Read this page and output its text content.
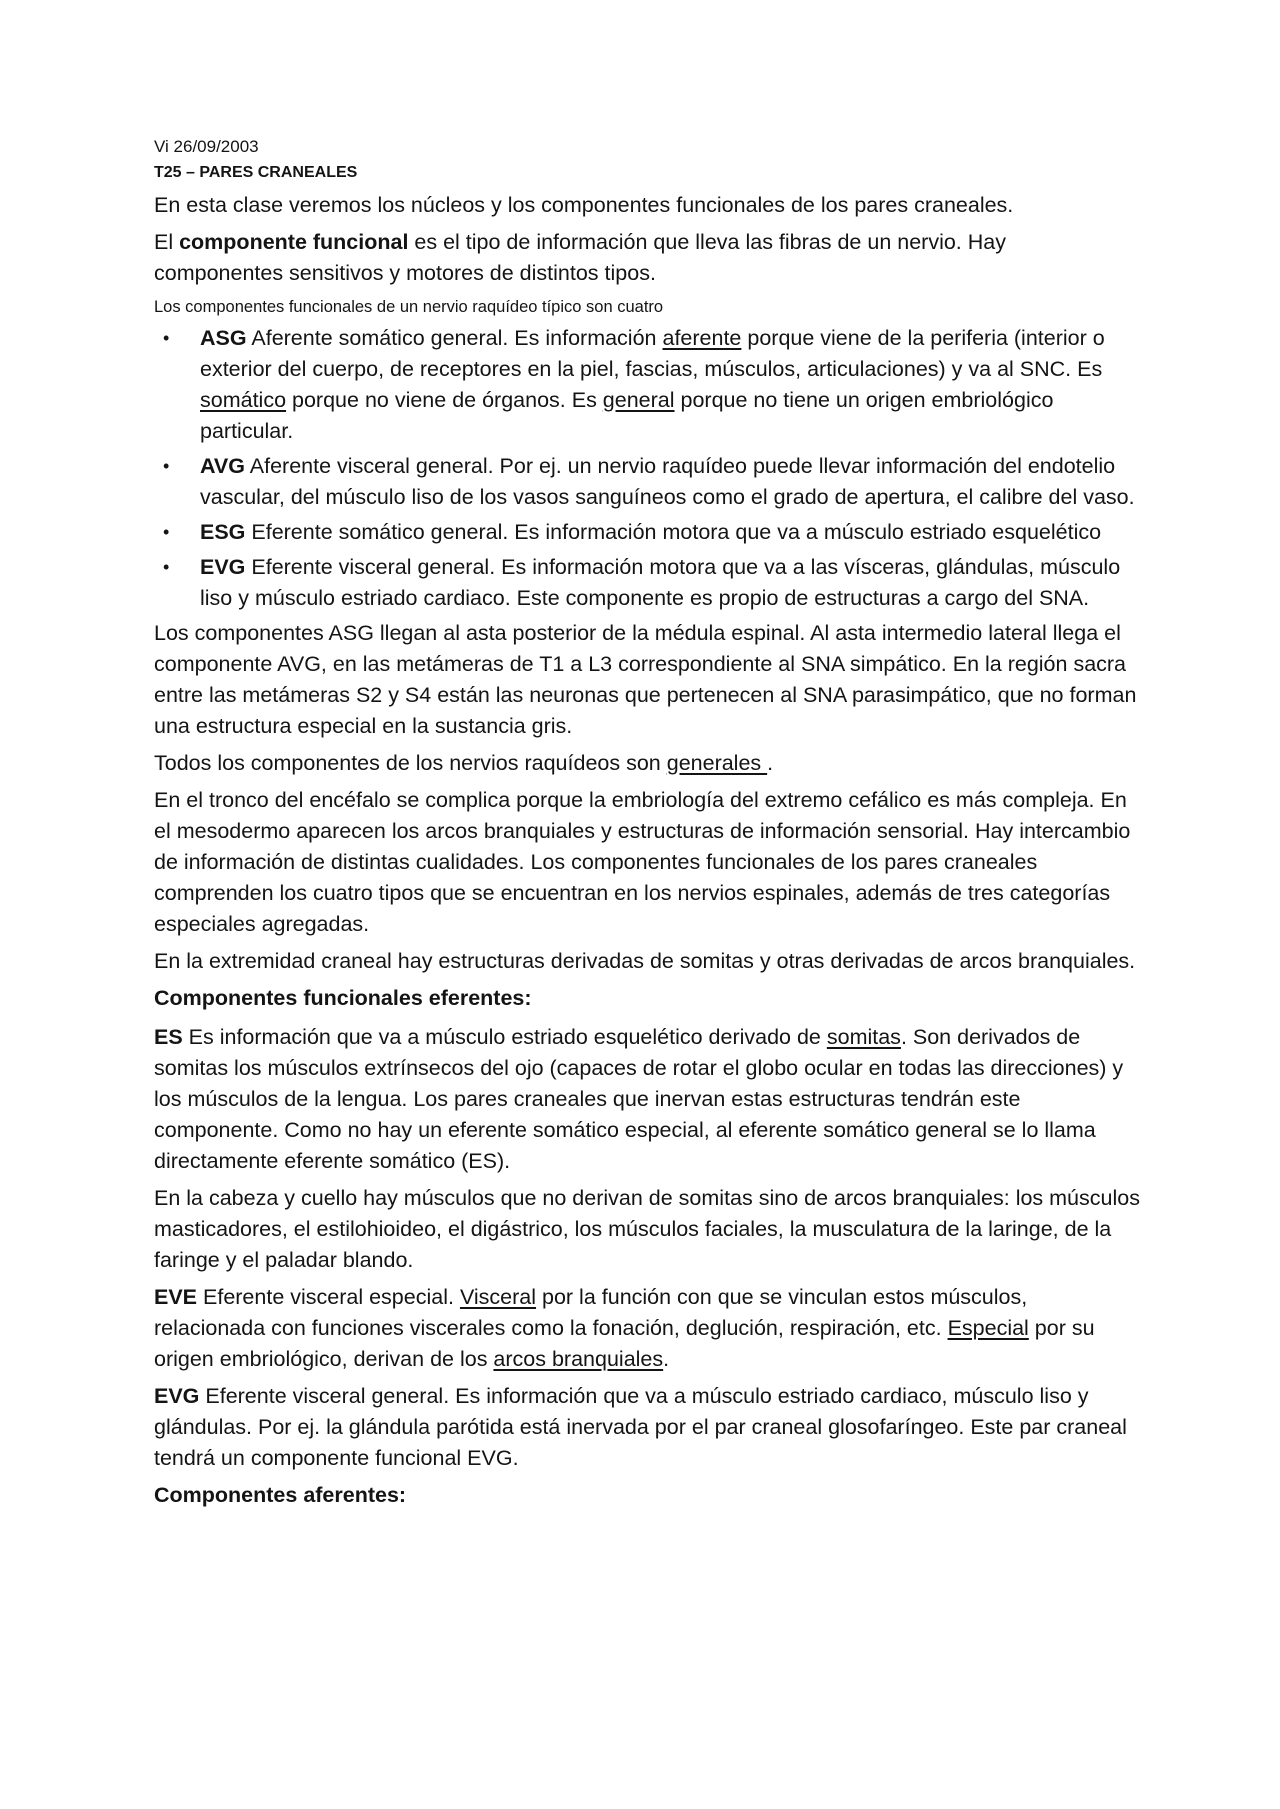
Vi 26/09/2003
T25 – PARES CRANEALES

En esta clase veremos los núcleos y los componentes funcionales de los pares craneales.

El componente funcional es el tipo de información que lleva las fibras de un nervio. Hay componentes sensitivos y motores de distintos tipos.

Los componentes funcionales de un nervio raquídeo típico son cuatro

• ASG Aferente somático general. Es información aferente porque viene de la periferia (interior o exterior del cuerpo, de receptores en la piel, fascias, músculos, articulaciones) y va al SNC. Es somático porque no viene de órganos. Es general porque no tiene un origen embriológico particular.
• AVG Aferente visceral general. Por ej. un nervio raquídeo puede llevar información del endotelio vascular, del músculo liso de los vasos sanguíneos como el grado de apertura, el calibre del vaso.
• ESG Eferente somático general. Es información motora que va a músculo estriado esquelético
• EVG Eferente visceral general. Es información motora que va a las vísceras, glándulas, músculo liso y músculo estriado cardiaco. Este componente es propio de estructuras a cargo del SNA.

Los componentes ASG llegan al asta posterior de la médula espinal. Al asta intermedio lateral llega el componente AVG, en las metámeras de T1 a L3 correspondiente al SNA simpático. En la región sacra entre las metámeras S2 y S4 están las neuronas que pertenecen al SNA parasimpático, que no forman una estructura especial en la sustancia gris.

Todos los componentes de los nervios raquídeos son generales .

En el tronco del encéfalo se complica porque la embriología del extremo cefálico es más compleja. En el mesodermo aparecen los arcos branquiales y estructuras de información sensorial. Hay intercambio de información de distintas cualidades. Los componentes funcionales de los pares craneales comprenden los cuatro tipos que se encuentran en los nervios espinales, además de tres categorías especiales agregadas.

En la extremidad craneal hay estructuras derivadas de somitas y otras derivadas de arcos branquiales.

Componentes funcionales eferentes:

ES Es información que va a músculo estriado esquelético derivado de somitas. Son derivados de somitas los músculos extrínsecos del ojo (capaces de rotar el globo ocular en todas las direcciones) y los músculos de la lengua. Los pares craneales que inervan estas estructuras tendrán este componente. Como no hay un eferente somático especial, al eferente somático general se lo llama directamente eferente somático (ES).

En la cabeza y cuello hay músculos que no derivan de somitas sino de arcos branquiales: los músculos masticadores, el estilohioideo, el digástrico, los músculos faciales, la musculatura de la laringe, de la faringe y el paladar blando.

EVE Eferente visceral especial. Visceral por la función con que se vinculan estos músculos, relacionada con funciones viscerales como la fonación, deglución, respiración, etc. Especial por su origen embriológico, derivan de los arcos branquiales.

EVG Eferente visceral general. Es información que va a músculo estriado cardiaco, músculo liso y glándulas. Por ej. la glándula parótida está inervada por el par craneal glosofaríngeo. Este par craneal tendrá un componente funcional EVG.

Componentes aferentes:
